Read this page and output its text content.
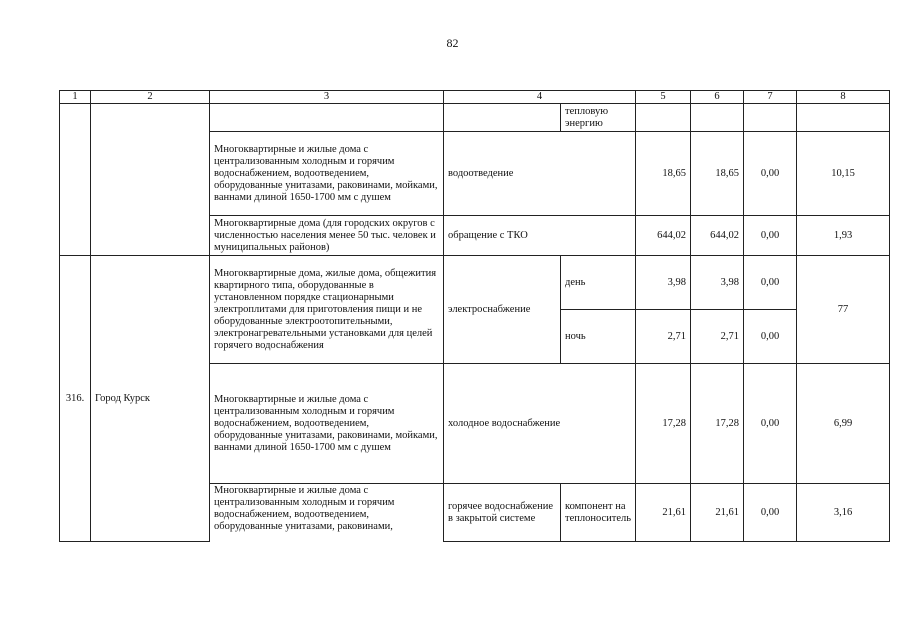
82
1	2	3	4		5	6	7	8
				тепловую энергию				
		Многоквартирные и жилые дома с централизованным холодным и горячим водоснабжением, водоотведением, оборудованные унитазами, раковинами, мойками, ваннами длиной 1650-1700 мм с душем	водоотведение		18,65	18,65	0,00	10,15
		Многоквартирные дома (для городских округов с численностью населения менее 50 тыс. человек и муниципальных районов)	обращение с ТКО		644,02	644,02	0,00	1,93
316.	Город Курск	Многоквартирные дома, жилые дома, общежития квартирного типа, оборудованные в установленном порядке стационарными электроплитами для приготовления пищи и не оборудованные электроотопительными, электронагревательными установками для целей горячего водоснабжения	электроснабжение	день	3,98	3,98	0,00	77
				ночь	2,71	2,71	0,00	
		Многоквартирные и жилые дома с централизованным холодным и горячим водоснабжением, водоотведением, оборудованные унитазами, раковинами, мойками, ваннами длиной 1650-1700 мм с душем	холодное водоснабжение		17,28	17,28	0,00	6,99
		Многоквартирные и жилые дома с централизованным холодным и горячим водоснабжением, водоотведением, оборудованные унитазами, раковинами,	горячее водоснабжение в закрытой системе	компонент на теплоноситель	21,61	21,61	0,00	3,16
